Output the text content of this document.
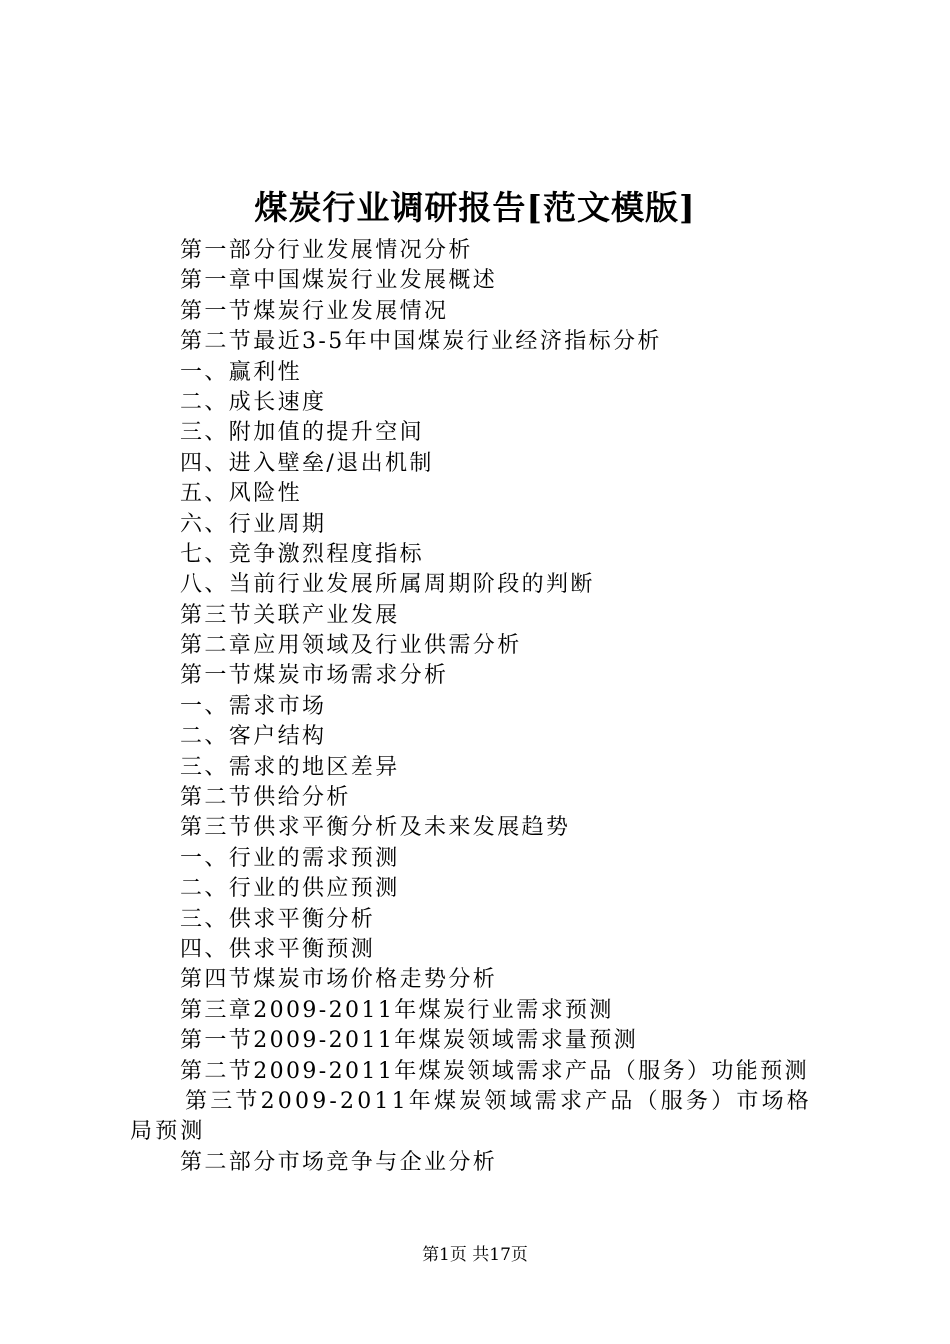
煤炭行业调研报告[范文模版]
第一部分行业发展情况分析
第一章中国煤炭行业发展概述
第一节煤炭行业发展情况
第二节最近3-5年中国煤炭行业经济指标分析
一、赢利性
二、成长速度
三、附加值的提升空间
四、进入壁垒/退出机制
五、风险性
六、行业周期
七、竞争激烈程度指标
八、当前行业发展所属周期阶段的判断
第三节关联产业发展
第二章应用领域及行业供需分析
第一节煤炭市场需求分析
一、需求市场
二、客户结构
三、需求的地区差异
第二节供给分析
第三节供求平衡分析及未来发展趋势
一、行业的需求预测
二、行业的供应预测
三、供求平衡分析
四、供求平衡预测
第四节煤炭市场价格走势分析
第三章2009-2011年煤炭行业需求预测
第一节2009-2011年煤炭领域需求量预测
第二节2009-2011年煤炭领域需求产品（服务）功能预测
第三节2009-2011年煤炭领域需求产品（服务）市场格局预测
第二部分市场竞争与企业分析
第1页 共17页
